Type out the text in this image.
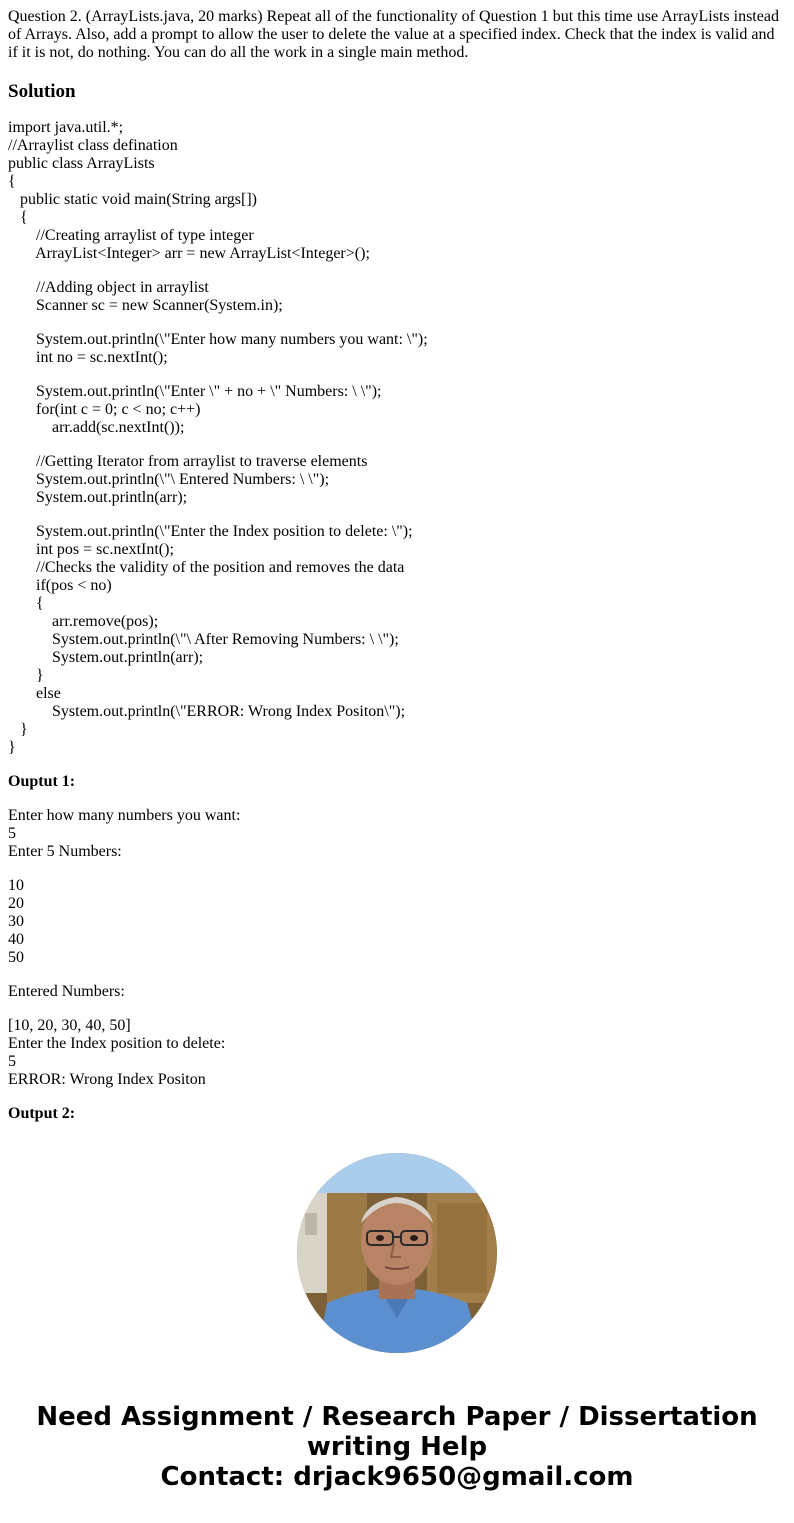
Question 2. (ArrayLists.java, 20 marks) Repeat all of the functionality of Question 1 but this time use ArrayLists instead of Arrays. Also, add a prompt to allow the user to delete the value at a specified index. Check that the index is valid and if it is not, do nothing. You can do all the work in a single main method.

Solution
import java.util.*;
//Arraylist class defination
public class ArrayLists
{
public static void main(String args[])
{
//Creating arraylist of type integer
ArrayList<Integer> arr = new ArrayList<Integer>();
//Adding object in arraylist
Scanner sc = new Scanner(System.in);
System.out.println(\"Enter how many numbers you want: \");
int no = sc.nextInt();
System.out.println(\"Enter \" + no + \" Numbers: \ \");
for(int c = 0; c < no; c++)
arr.add(sc.nextInt());
//Getting Iterator from arraylist to traverse elements
System.out.println(\"\ Entered Numbers: \ \");
System.out.println(arr);
System.out.println(\"Enter the Index position to delete: \");
int pos = sc.nextInt();
//Checks the validity of the position and removes the data
if(pos < no)
{
arr.remove(pos);
System.out.println(\"\ After Removing Numbers: \ \");
System.out.println(arr);
}
else
System.out.println(\"ERROR: Wrong Index Positon\");
}
}
Ouptut 1:
Enter how many numbers you want:
5
Enter 5 Numbers:
10
20
30
40
50
Entered Numbers:
[10, 20, 30, 40, 50]
Enter the Index position to delete:
5
ERROR: Wrong Index Positon
Output 2:
Need Assignment / Research Paper / Dissertation
writing Help
Contact: drjack9650@gmail.com
